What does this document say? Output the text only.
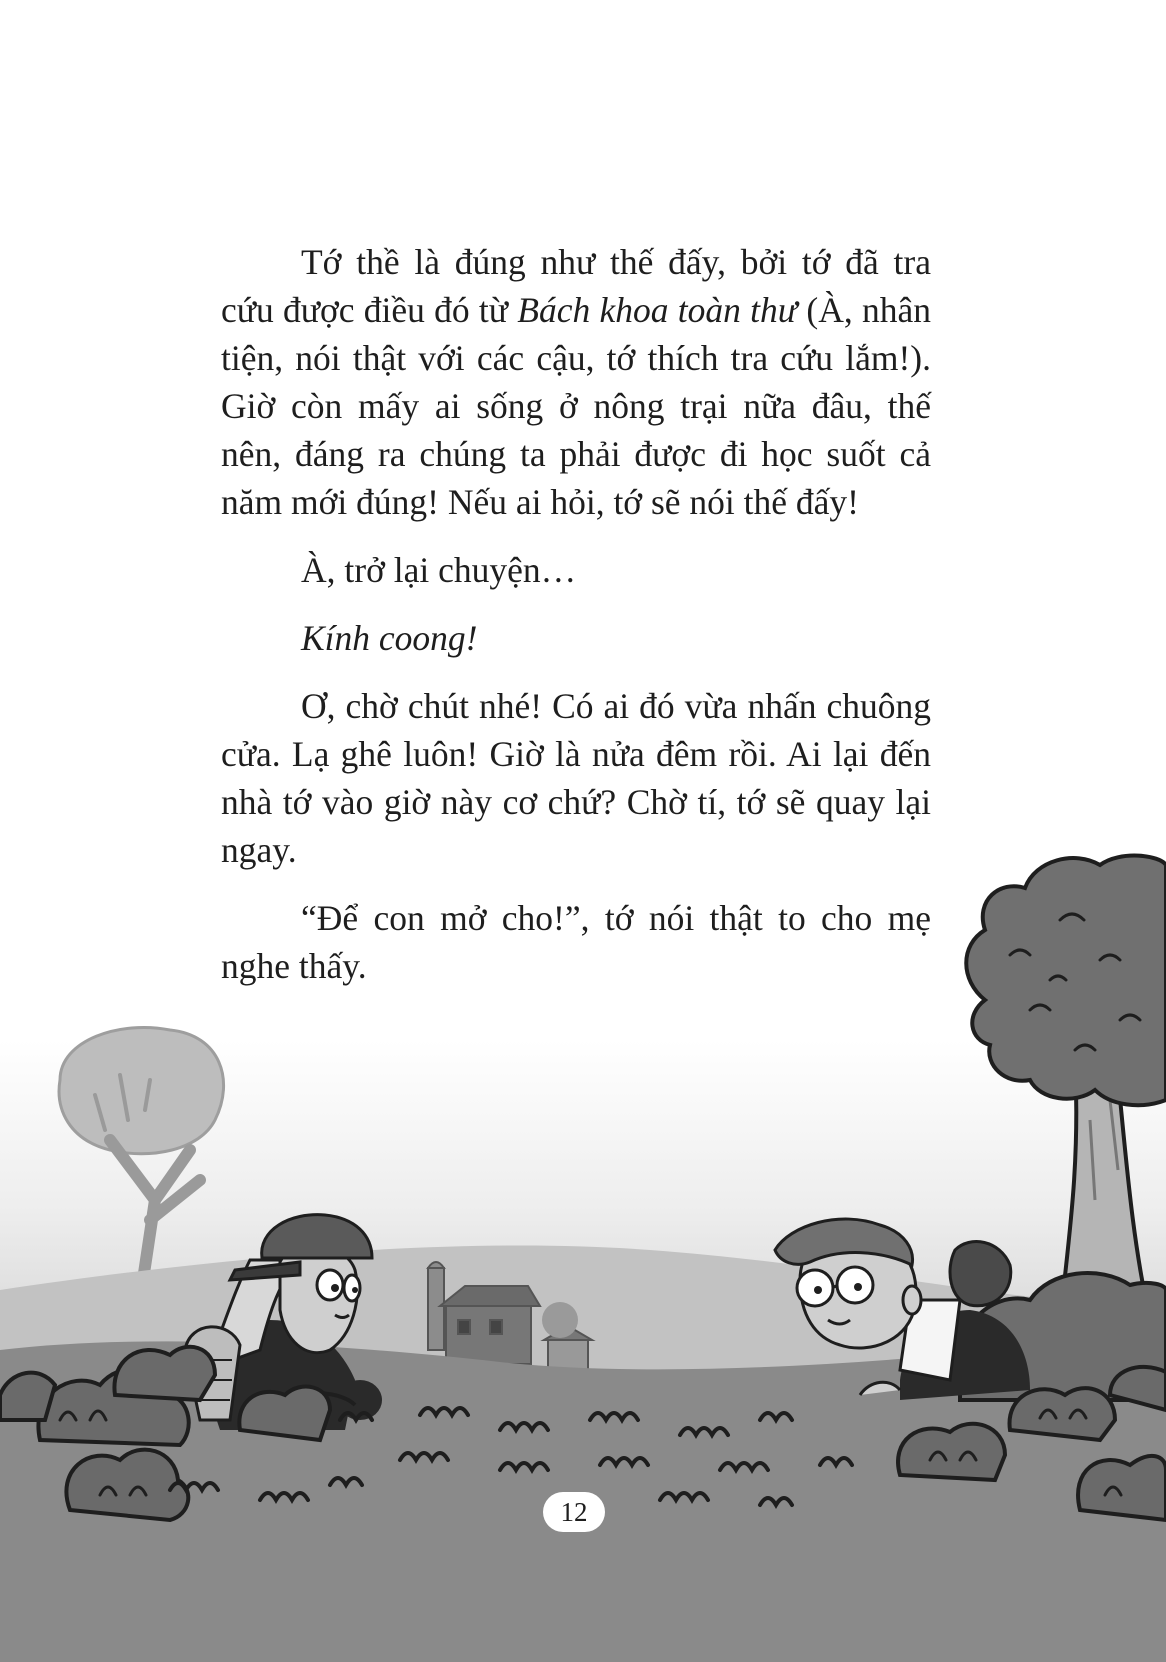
Tớ thề là đúng như thế đấy, bởi tớ đã tra cứu được điều đó từ Bách khoa toàn thư (À, nhân tiện, nói thật với các cậu, tớ thích tra cứu lắm!). Giờ còn mấy ai sống ở nông trại nữa đâu, thế nên, đáng ra chúng ta phải được đi học suốt cả năm mới đúng! Nếu ai hỏi, tớ sẽ nói thế đấy!

À, trở lại chuyện…

Kính coong!

Ơ, chờ chút nhé! Có ai đó vừa nhấn chuông cửa. Lạ ghê luôn! Giờ là nửa đêm rồi. Ai lại đến nhà tớ vào giờ này cơ chứ? Chờ tí, tớ sẽ quay lại ngay.

“Để con mở cho!”, tớ nói thật to cho mẹ nghe thấy.

12
